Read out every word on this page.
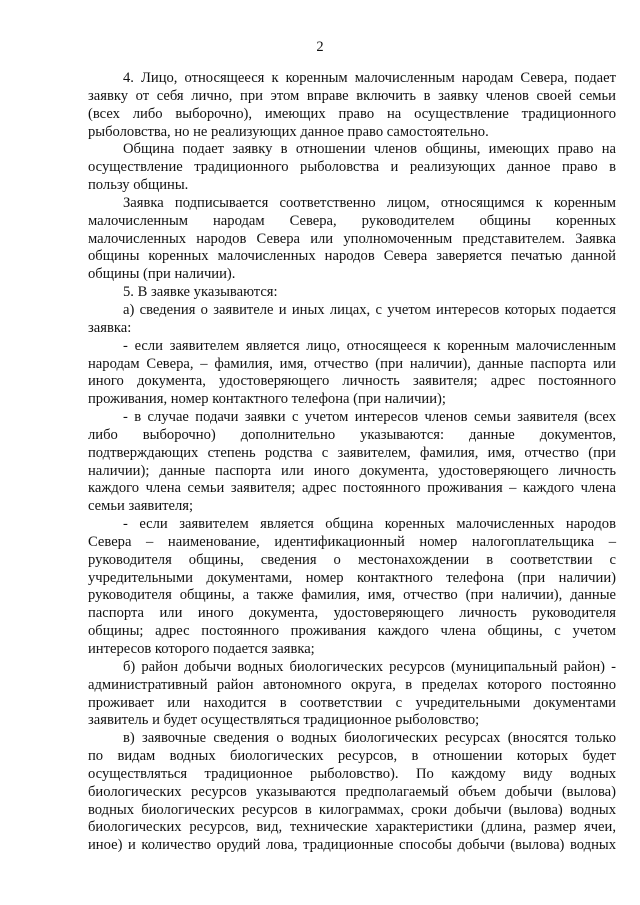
2
4. Лицо, относящееся к коренным малочисленным народам Севера, подает
заявку от себя лично, при этом вправе включить в заявку членов своей семьи
(всех либо выборочно), имеющих право на осуществление традиционного
рыболовства, но не реализующих данное право самостоятельно.
Община подает заявку в отношении членов общины, имеющих право на
осуществление традиционного рыболовства и реализующих данное право в
пользу общины.
Заявка подписывается соответственно лицом, относящимся к коренным
малочисленным народам Севера, руководителем общины коренных
малочисленных народов Севера или уполномоченным представителем. Заявка
общины коренных малочисленных народов Севера заверяется печатью данной
общины (при наличии).
5. В заявке указываются:
а) сведения о заявителе и иных лицах, с учетом интересов которых подается
заявка:
- если заявителем является лицо, относящееся к коренным малочисленным
народам Севера, – фамилия, имя, отчество (при наличии), данные паспорта или
иного документа, удостоверяющего личность заявителя; адрес постоянного
проживания, номер контактного телефона (при наличии);
- в случае подачи заявки с учетом интересов членов семьи заявителя (всех
либо выборочно) дополнительно указываются: данные документов,
подтверждающих степень родства с заявителем, фамилия, имя, отчество (при
наличии); данные паспорта или иного документа, удостоверяющего личность
каждого члена семьи заявителя; адрес постоянного проживания – каждого члена
семьи заявителя;
- если заявителем является община коренных малочисленных народов
Севера – наименование, идентификационный номер налогоплательщика –
руководителя общины, сведения о местонахождении в соответствии с
учредительными документами, номер контактного телефона (при наличии)
руководителя общины, а также фамилия, имя, отчество (при наличии), данные
паспорта или иного документа, удостоверяющего личность руководителя
общины; адрес постоянного проживания каждого члена общины, с учетом
интересов которого подается заявка;
б) район добычи водных биологических ресурсов (муниципальный район) -
административный район автономного округа, в пределах которого постоянно
проживает или находится в соответствии с учредительными документами
заявитель и будет осуществляться традиционное рыболовство;
в) заявочные сведения о водных биологических ресурсах (вносятся только
по видам водных биологических ресурсов, в отношении которых будет
осуществляться традиционное рыболовство). По каждому виду водных
биологических ресурсов указываются предполагаемый объем добычи (вылова)
водных биологических ресурсов в килограммах, сроки добычи (вылова) водных
биологических ресурсов, вид, технические характеристики (длина, размер ячеи,
иное) и количество орудий лова, традиционные способы добычи (вылова) водных
